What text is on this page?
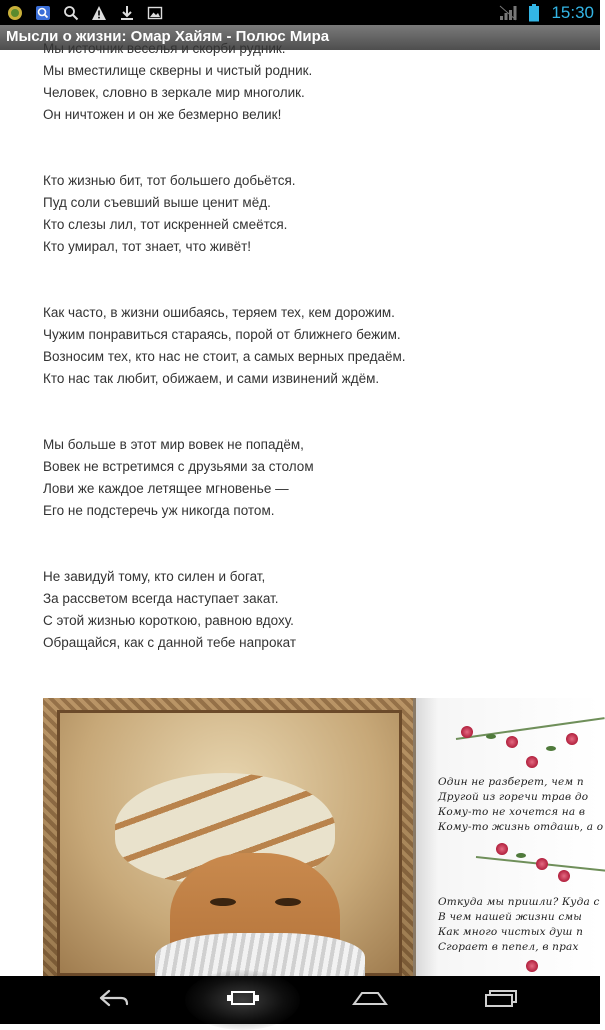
15:30
Мысли о жизни: Омар Хайям - Полюс Мира
Мы источник веселья и скорби рудник.
Мы вместилище скверны и чистый родник.
Человек, словно в зеркале мир многолик.
Он ничтожен и он же безмерно велик!
Кто жизнью бит, тот большего добьётся.
Пуд соли съевший выше ценит мёд.
Кто слезы лил, тот искренней смеётся.
Кто умирал, тот знает, что живёт!
Как часто, в жизни ошибаясь, теряем тех, кем дорожим.
Чужим понравиться стараясь, порой от ближнего бежим.
Возносим тех, кто нас не стоит, а самых верных предаём.
Кто нас так любит, обижаем, и сами извинений ждём.
Мы больше в этот мир вовек не попадём,
Вовек не встретимся с друзьями за столом
Лови же каждое летящее мгновенье —
Его не подстеречь уж никогда потом.
Не завидуй тому, кто силен и богат,
За рассветом всегда наступает закат.
С этой жизнью короткою, равною вдоху.
Обращайся, как с данной тебе напрокат
Один не разберет, чем п
Другой из горечи трав до
Кому-то не хочется на в
Кому-то жизнь отдашь, а о
Откуда мы пришли? Куда с
В чем нашей жизни смы
Как много чистых душ п
Сгорает в пепел, в прах
